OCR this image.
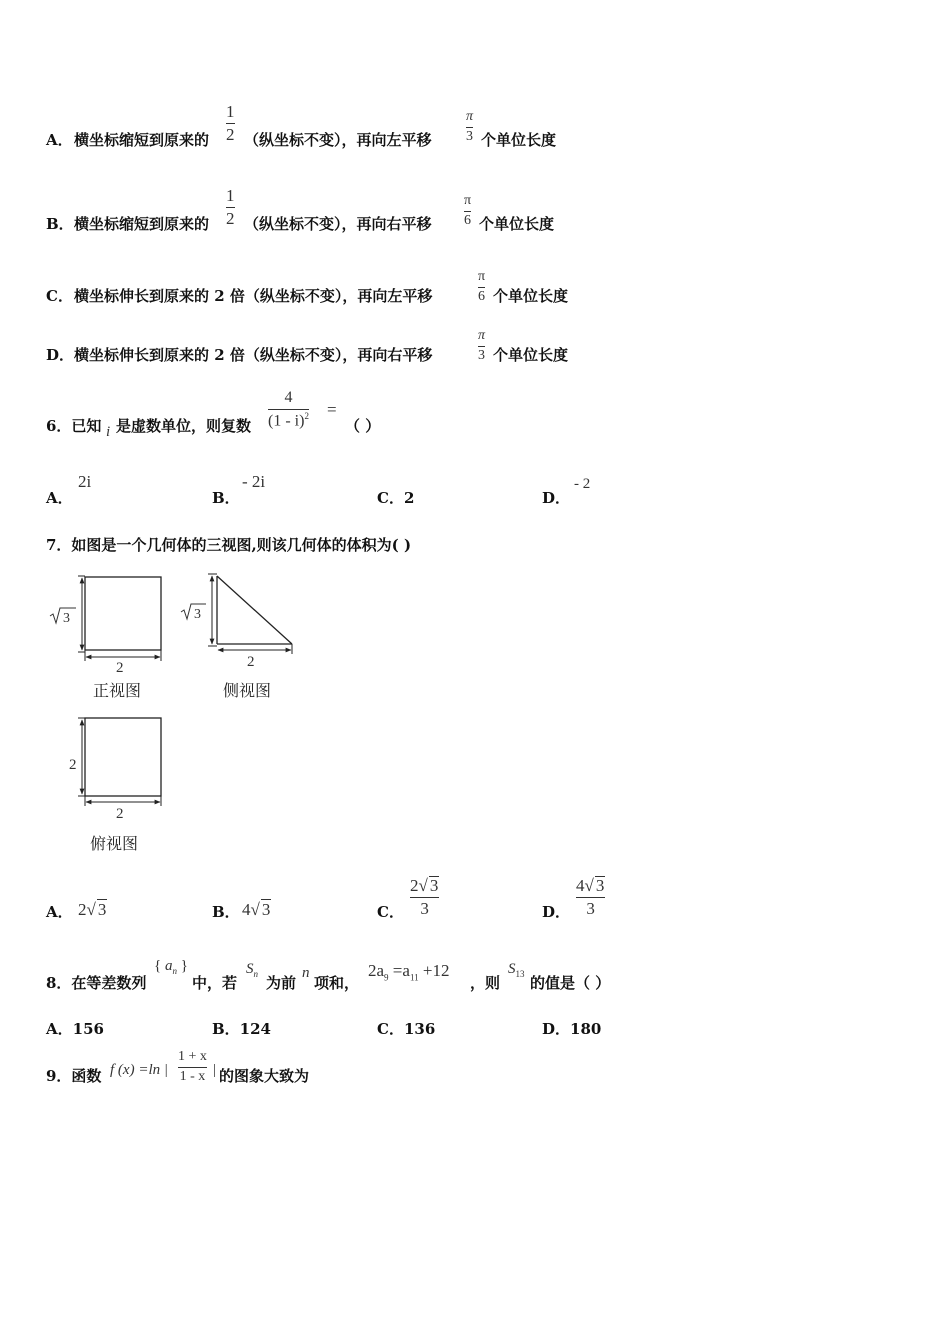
A． 横坐标缩短到原来的
1
2 （纵坐标不变），再向左平移
π
3 个单位长度
B． 横坐标缩短到原来的
1
2 （纵坐标不变），再向右平移
π
6 个单位长度
C． 横坐标伸长到原来的 2 倍（纵坐标不变），再向左平移
π
6 个单位长度
D． 横坐标伸长到原来的 2 倍（纵坐标不变），再向右平移
π
3 个单位长度
6．已知 i 是虚数单位，则复数
4
(1 - i)$^2$ =
（ ）
A．
2i
B．
- 2i
C．2	D．
- 2
7．如图是一个几何体的三视图,则该几何体的体积为( )
3
2
正视图
3
2
侧视图
2
2
俯视图
A． 2√ 3	B． 4√ 3	C．
2√ 3
3	D．
4√ 3
3
8．在等差数列
{ $a_n$ }
中，若
$S_n$ 为前
n
项和，
$2a_9 =a_{11} +12$
，则
$S_{13}$ 的值是（ ）
A．156	B．124	C．136	D．180
9．函数 f (x) =ln |
1 + x
1 - x | 的图象大致为
